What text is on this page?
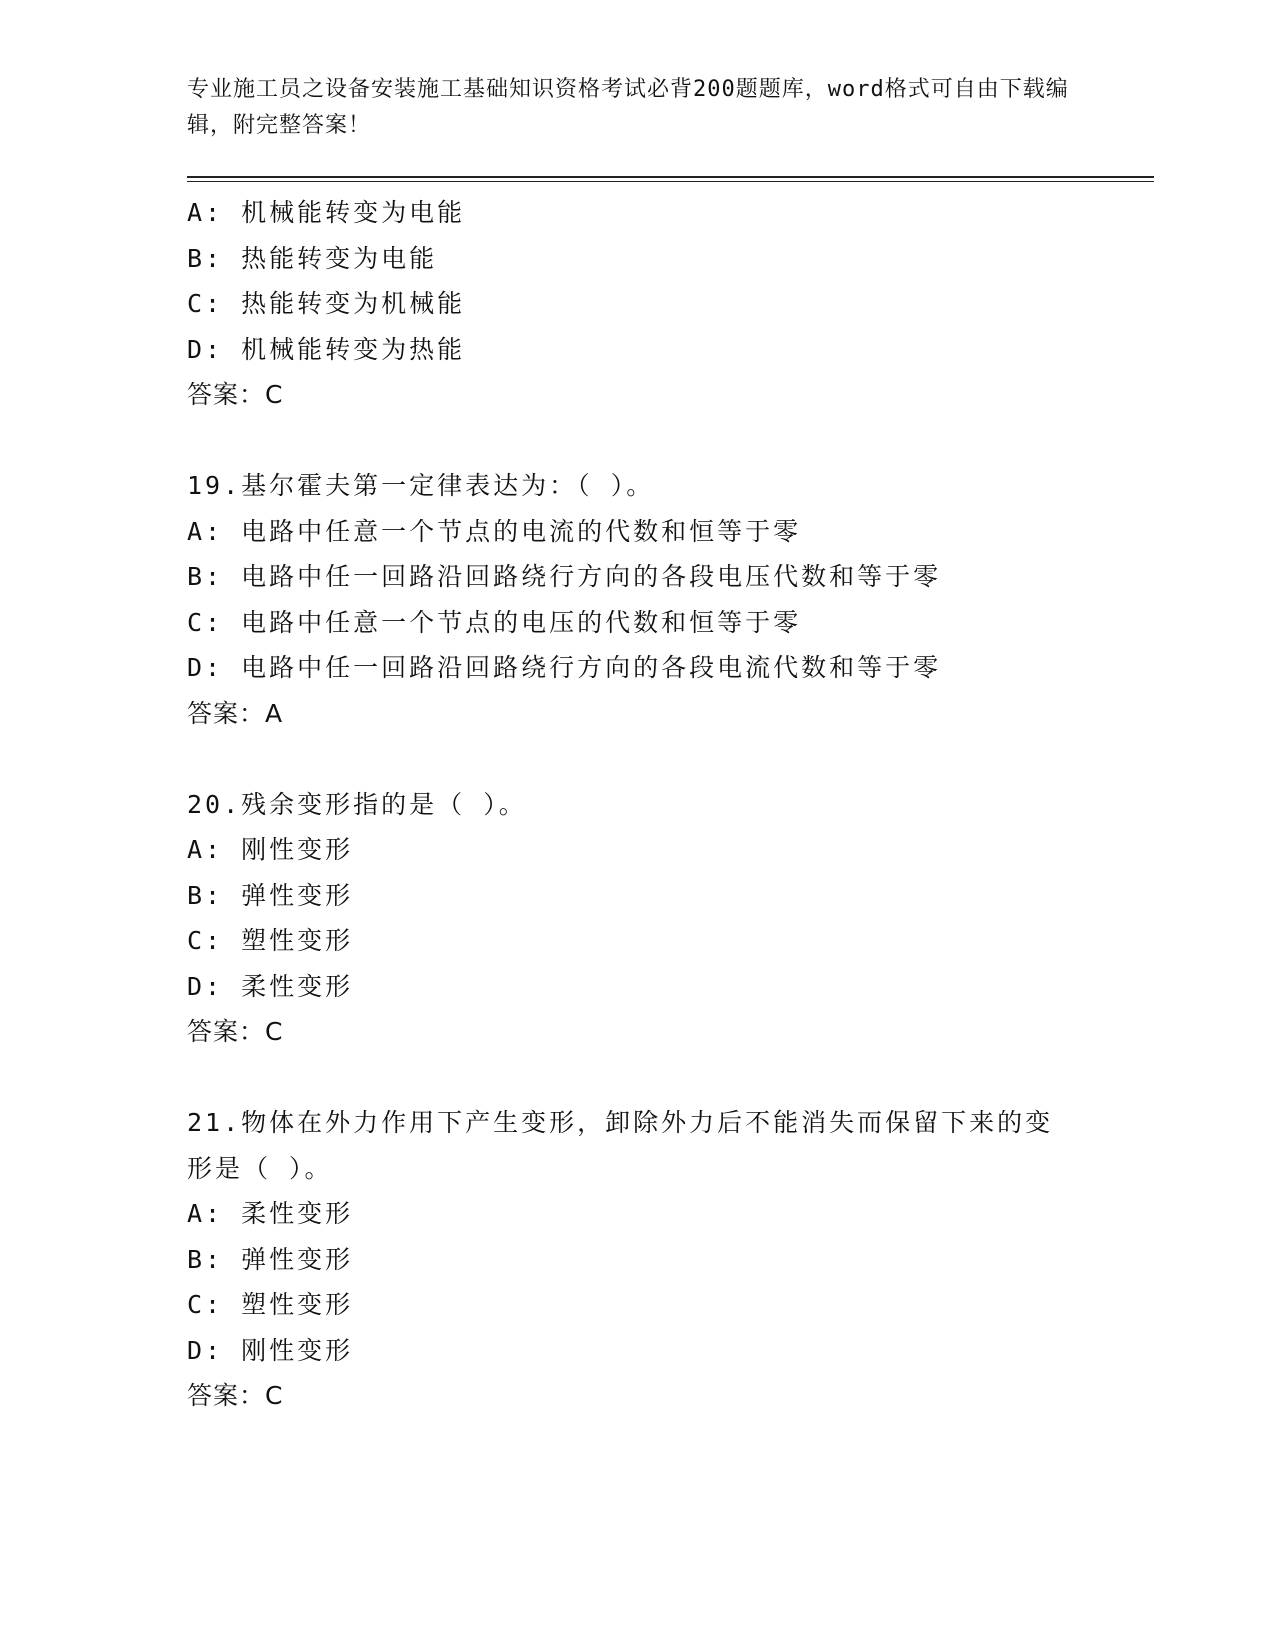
专业施工员之设备安装施工基础知识资格考试必背200题题库，word格式可自由下载编辑，附完整答案！
A: 机械能转变为电能
B: 热能转变为电能
C: 热能转变为机械能
D: 机械能转变为热能
答案：C
19.基尔霍夫第一定律表达为：（ ）。
A: 电路中任意一个节点的电流的代数和恒等于零
B: 电路中任一回路沿回路绕行方向的各段电压代数和等于零
C: 电路中任意一个节点的电压的代数和恒等于零
D: 电路中任一回路沿回路绕行方向的各段电流代数和等于零
答案：A
20.残余变形指的是（ ）。
A: 刚性变形
B: 弹性变形
C: 塑性变形
D: 柔性变形
答案：C
21.物体在外力作用下产生变形，卸除外力后不能消失而保留下来的变
形是（ ）。
A: 柔性变形
B: 弹性变形
C: 塑性变形
D: 刚性变形
答案：C
